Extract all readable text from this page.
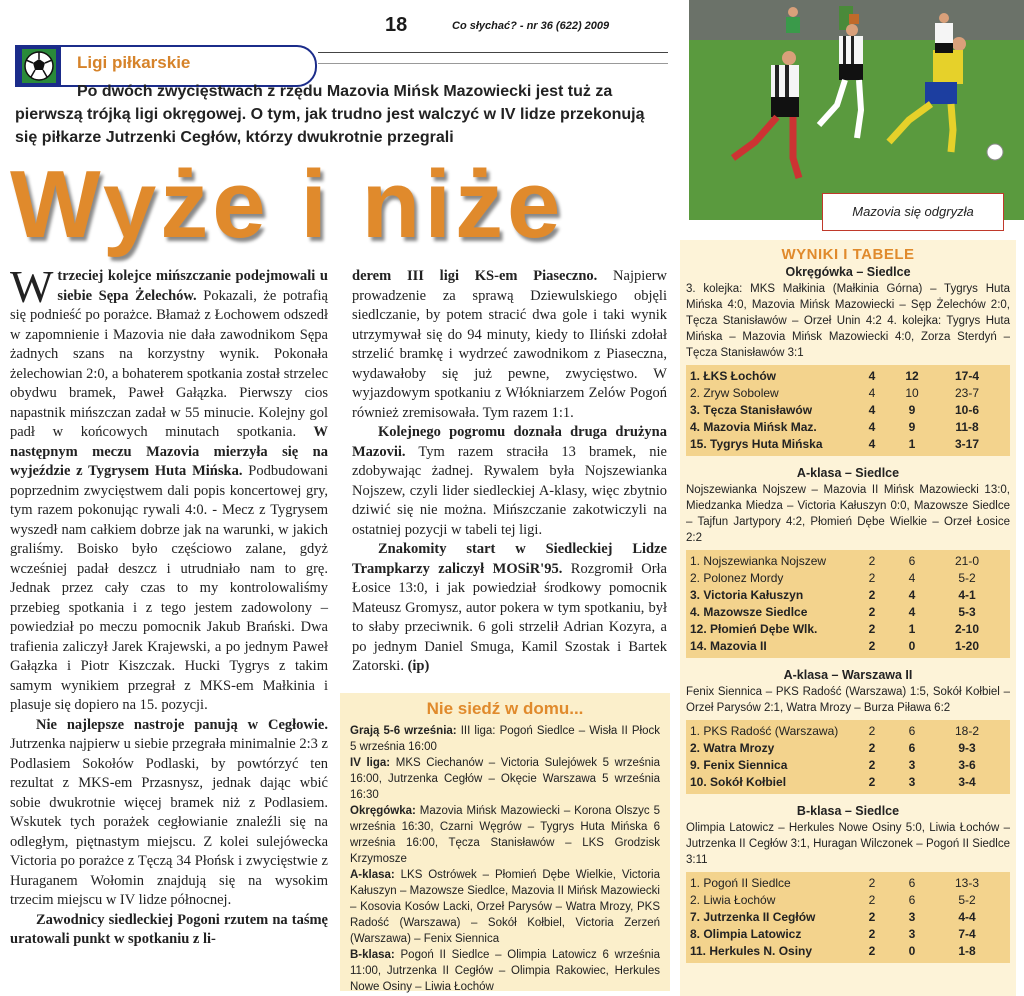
18	Co słychać? - nr 36 (622) 2009
Ligi piłkarskie
Po dwóch zwycięstwach z rzędu Mazovia Mińsk Mazowiecki jest tuż za pierwszą trójką ligi okręgowej. O tym, jak trudno jest walczyć w IV lidze przekonują się piłkarze Jutrzenki Cegłów, którzy dwukrotnie przegrali
Wyże i niże	Mazovia się odgryzła

Wtrzeciej kolejce mińszczanie podejmowali u siebie Sępa Żelechów. Pokazali, że potrafią się podnieść po porażce. Błamaż z Łochowem odszedł w zapomnienie i Mazovia nie dała zawodnikom Sępa żadnych szans na korzystny wynik. Pokonała żelechowian 2:0, a bohaterem spotkania został strzelec obydwu bramek, Paweł Gałązka. Pierwszy cios napastnik mińszczan zadał w 55 minucie. Kolejny gol padł w końcowych minutach spotkania. W następnym meczu Mazovia mierzyła się na wyjeździe z Tygrysem Huta Mińska. Podbudowani poprzednim zwycięstwem dali popis koncertowej gry, tym razem pokonując rywali 4:0. - Mecz z Tygrysem wyszedł nam całkiem dobrze jak na warunki, w jakich graliśmy. Boisko było częściowo zalane, gdyż wcześniej padał deszcz i utrudniało nam to grę. Jednak przez cały czas to my kontrolowaliśmy przebieg spotkania i z tego jestem zadowolony – powiedział po meczu pomocnik Jakub Brański. Dwa trafienia zaliczył Jarek Krajewski, a po jednym Paweł Gałązka i Piotr Kiszczak. Hucki Tygrys z takim samym wynikiem przegrał z MKS-em Małkinia i plasuje się dopiero na 15. pozycji.

Nie najlepsze nastroje panują w Cegłowie. Jutrzenka najpierw u siebie przegrała minimalnie 2:3 z Podlasiem Sokołów Podlaski, by powtórzyć ten rezultat z MKS-em Przasnysz, jednak dając wbić sobie dwukrotnie więcej bramek niż z Podlasiem. Wskutek tych porażek cegłowianie znaleźli się na odległym, piętnastym miejscu. Z kolei sulejówecka Victoria po porażce z Tęczą 34 Płońsk i zwycięstwie z Huraganem Wołomin znajdują się na wysokim trzecim miejscu w IV lidze północnej.

Zawodnicy siedleckiej Pogoni rzutem na taśmę uratowali punkt w spotkaniu z li-

derem III ligi KS-em Piaseczno. Najpierw prowadzenie za sprawą Dziewulskiego objęli siedlczanie, by potem stracić dwa gole i taki wynik utrzymywał się do 94 minuty, kiedy to Iliński zdołał strzelić bramkę i wydrzeć zawodnikom z Piaseczna, wydawałoby się już pewne, zwycięstwo. W wyjazdowym spotkaniu z Włókniarzem Zelów Pogoń również zremisowała. Tym razem 1:1.

Kolejnego pogromu doznała druga drużyna Mazovii. Tym razem straciła 13 bramek, nie zdobywając żadnej. Rywalem była Nojszewianka Nojszew, czyli lider siedleckiej A-klasy, więc zbytnio dziwić się nie można. Mińszczanie zakotwiczyli na ostatniej pozycji w tabeli tej ligi.

Znakomity start w Siedleckiej Lidze Trampkarzy zaliczył MOSiR'95. Rozgromił Orła Łosice 13:0, i jak powiedział środkowy pomocnik Mateusz Gromysz, autor pokera w tym spotkaniu, był to słaby przeciwnik. 6 goli strzelił Adrian Kozyra, a po jednym Daniel Smuga, Kamil Szostak i Bartek Zatorski. (ip)

Nie siedź w domu...

Grają 5-6 września: III liga: Pogoń Siedlce – Wisła II Płock 5 września 16:00

IV liga: MKS Ciechanów – Victoria Sulejówek 5 września 16:00, Jutrzenka Cegłów – Okęcie Warszawa 5 września 16:30

Okręgówka: Mazovia Mińsk Mazowiecki – Korona Olszyc 5 września 16:30, Czarni Węgrów – Tygrys Huta Mińska 6 września 16:00, Tęcza Stanisławów – LKS Grodzisk Krzymosze

A-klasa: LKS Ostrówek – Płomień Dębe Wielkie, Victoria Kałuszyn – Mazowsze Siedlce, Mazovia II Mińsk Mazowiecki – Kosovia Kosów Lacki, Orzeł Parysów – Watra Mrozy, PKS Radość (Warszawa) – Sokół Kołbiel, Victoria Zerzeń (Warszawa) – Fenix Siennica

B-klasa: Pogoń II Siedlce – Olimpia Latowicz 6 września 11:00, Jutrzenka II Cegłów – Olimpia Rakowiec, Herkules Nowe Osiny – Liwia Łochów

WYNIKI I TABELE
Okręgówka – Siedlce
3. kolejka: MKS Małkinia (Małkinia Górna) – Tygrys Huta Mińska 4:0, Mazovia Mińsk Mazowiecki – Sęp Żelechów 2:0, Tęcza Stanisławów – Orzeł Unin 4:2 4. kolejka: Tygrys Huta Mińska – Mazovia Mińsk Mazowiecki 4:0, Zorza Sterdyń – Tęcza Stanisławów 3:1
1. ŁKS Łochów	4	12	17-4
2. Zryw Sobolew	4	10	23-7
3. Tęcza Stanisławów	4	9	10-6
4. Mazovia Mińsk Maz.	4	9	11-8
15. Tygrys Huta Mińska	4	1	3-17
A-klasa – Siedlce
Nojszewianka Nojszew – Mazovia II Mińsk Mazowiecki 13:0, Miedzanka Miedza – Victoria Kałuszyn 0:0, Mazowsze Siedlce – Tajfun Jartypory 4:2, Płomień Dębe Wielkie – Orzeł Łosice 2:2
1. Nojszewianka Nojszew	2	6	21-0
2. Polonez Mordy	2	4	5-2
3. Victoria Kałuszyn	2	4	4-1
4. Mazowsze Siedlce	2	4	5-3
12. Płomień Dębe Wlk.	2	1	2-10
14. Mazovia II	2	0	1-20
A-klasa – Warszawa II
Fenix Siennica – PKS Radość (Warszawa) 1:5, Sokół Kołbiel – Orzeł Parysów 2:1, Watra Mrozy – Burza Piława 6:2
1. PKS Radość (Warszawa)	2	6	18-2
2. Watra Mrozy	2	6	9-3
9. Fenix Siennica	2	3	3-6
10. Sokół Kołbiel	2	3	3-4
B-klasa – Siedlce
Olimpia Latowicz – Herkules Nowe Osiny 5:0, Liwia Łochów – Jutrzenka II Cegłów 3:1, Huragan Wilczonek – Pogoń II Siedlce 3:11
1. Pogoń II Siedlce	2	6	13-3
2. Liwia Łochów	2	6	5-2
7. Jutrzenka II Cegłów	2	3	4-4
8. Olimpia Latowicz	2	3	7-4
11. Herkules N. Osiny	2	0	1-8
